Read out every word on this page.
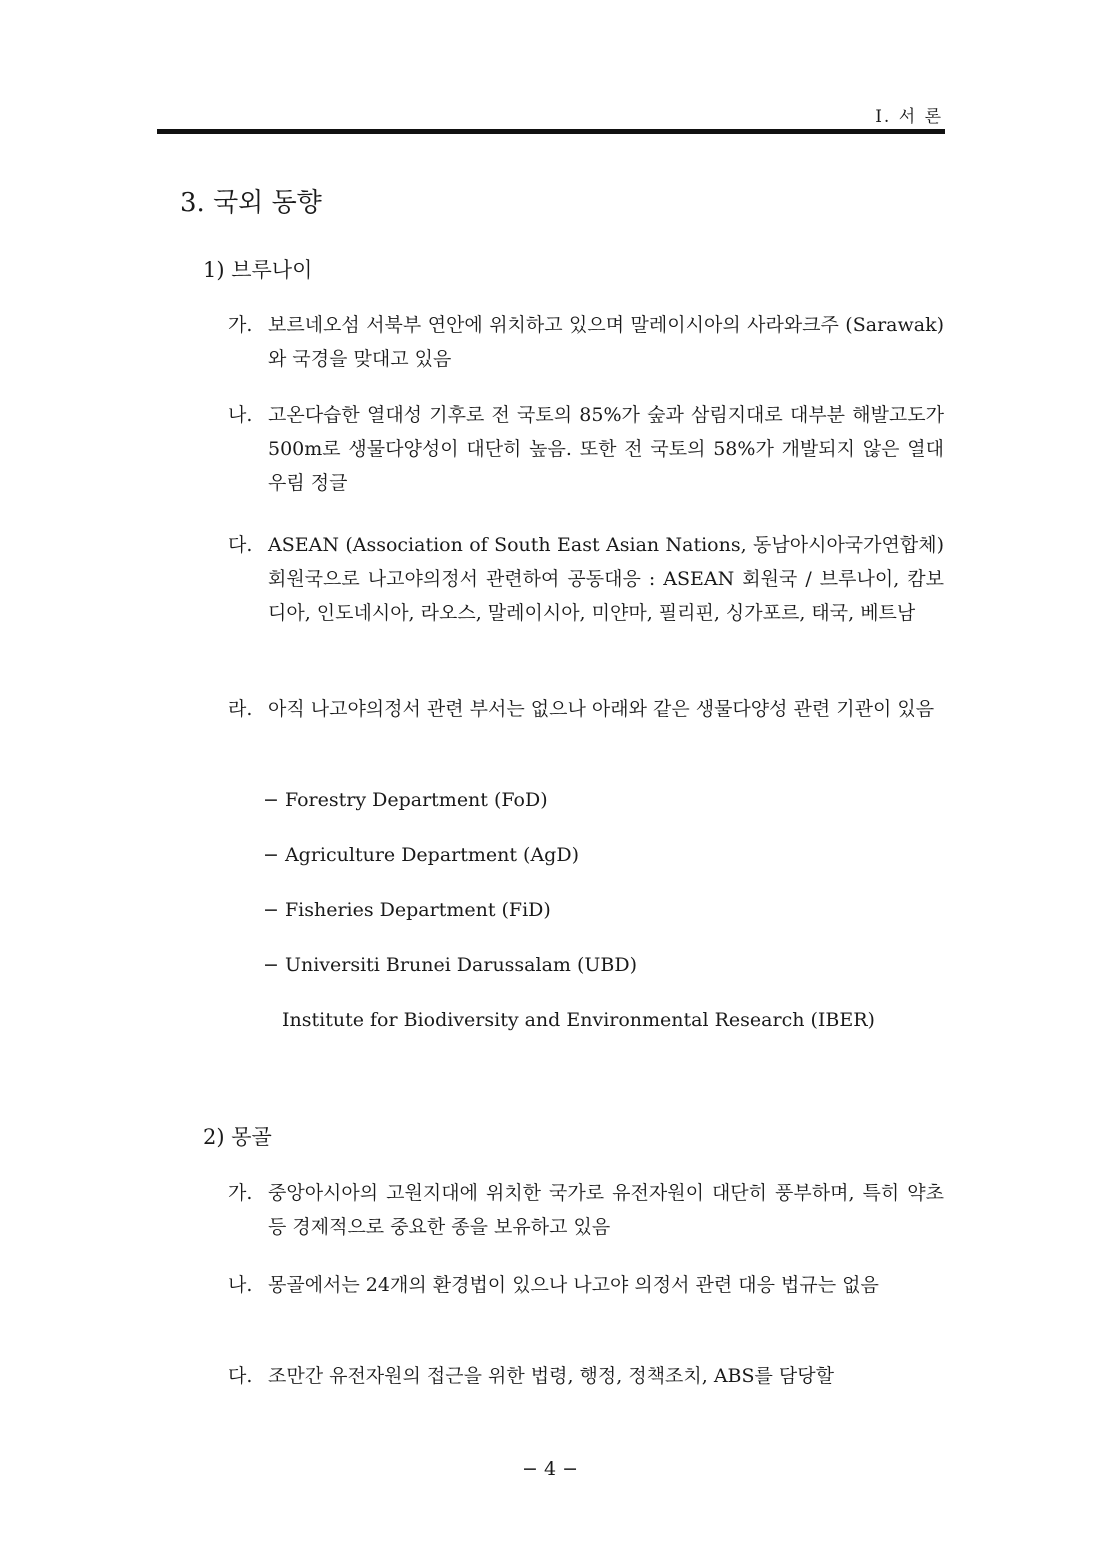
I. 서 론
3. 국외 동향
1) 브루나이
가. 보르네오섬 서북부 연안에 위치하고 있으며 말레이시아의 사라와크주 (Sarawak)와 국경을 맞대고 있음
나. 고온다습한 열대성 기후로 전 국토의 85%가 숲과 삼림지대로 대부분 해발고도가 500m로 생물다양성이 대단히 높음. 또한 전 국토의 58%가 개발되지 않은 열대우림 정글
다. ASEAN (Association of South East Asian Nations, 동남아시아국가연합체) 회원국으로 나고야의정서 관련하여 공동대응 : ASEAN 회원국 / 브루나이, 캄보디아, 인도네시아, 라오스, 말레이시아, 미얀마, 필리핀, 싱가포르, 태국, 베트남
라. 아직 나고야의정서 관련 부서는 없으나 아래와 같은 생물다양성 관련 기관이 있음
− Forestry Department (FoD)
− Agriculture Department (AgD)
− Fisheries Department (FiD)
− Universiti Brunei Darussalam (UBD)
Institute for Biodiversity and Environmental Research (IBER)
2) 몽골
가. 중앙아시아의 고원지대에 위치한 국가로 유전자원이 대단히 풍부하며, 특히 약초 등 경제적으로 중요한 종을 보유하고 있음
나. 몽골에서는 24개의 환경법이 있으나 나고야 의정서 관련 대응 법규는 없음
다. 조만간 유전자원의 접근을 위한 법령, 행정, 정책조치, ABS를 담당할
− 4 −
